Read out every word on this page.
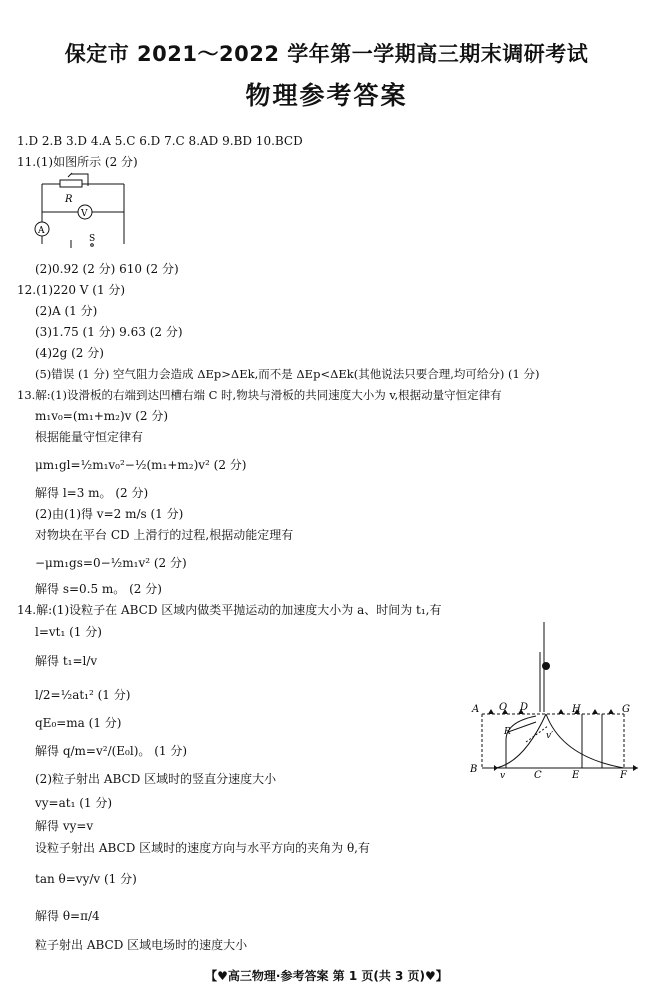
保定市 2021～2022 学年第一学期高三期末调研考试
物理参考答案
1.D 2.B 3.D 4.A 5.C 6.D 7.C 8.AD 9.BD 10.BCD
11.(1)如图所示 (2 分)
R
V
A
S
(2)0.92 (2 分) 610 (2 分)
12.(1)220 V (1 分)
(2)A (1 分)
(3)1.75 (1 分) 9.63 (2 分)
(4)2g (2 分)
(5)错误 (1 分) 空气阻力会造成 ΔEp>ΔEk,而不是 ΔEp<ΔEk(其他说法只要合理,均可给分) (1 分)
13.解:(1)设滑板的右端到达凹槽右端 C 时,物块与滑板的共同速度大小为 v,根据动量守恒定律有
m₁v₀=(m₁+m₂)v (2 分)
根据能量守恒定律有
μm₁gl=½m₁v₀²−½(m₁+m₂)v² (2 分)
解得 l=3 m。 (2 分)
(2)由(1)得 v=2 m/s (1 分)
对物块在平台 CD 上滑行的过程,根据动能定理有
−μm₁gs=0−½m₁v² (2 分)
解得 s=0.5 m。 (2 分)
14.解:(1)设粒子在 ABCD 区域内做类平抛运动的加速度大小为 a、时间为 t₁,有
l=vt₁ (1 分)
解得 t₁=l/v
l/2=½at₁² (1 分)
qE₀=ma (1 分)
解得 q/m=v²/(E₀l)。 (1 分)
(2)粒子射出 ABCD 区域时的竖直分速度大小
vy=at₁ (1 分)
解得 vy=v
设粒子射出 ABCD 区域时的速度方向与水平方向的夹角为 θ,有
tan θ=vy/v (1 分)
解得 θ=π/4
粒子射出 ABCD 区域电场时的速度大小
A O D	H	G
R	v′
B
v	C	E	F
【♥高三物理·参考答案 第 1 页(共 3 页)♥】
